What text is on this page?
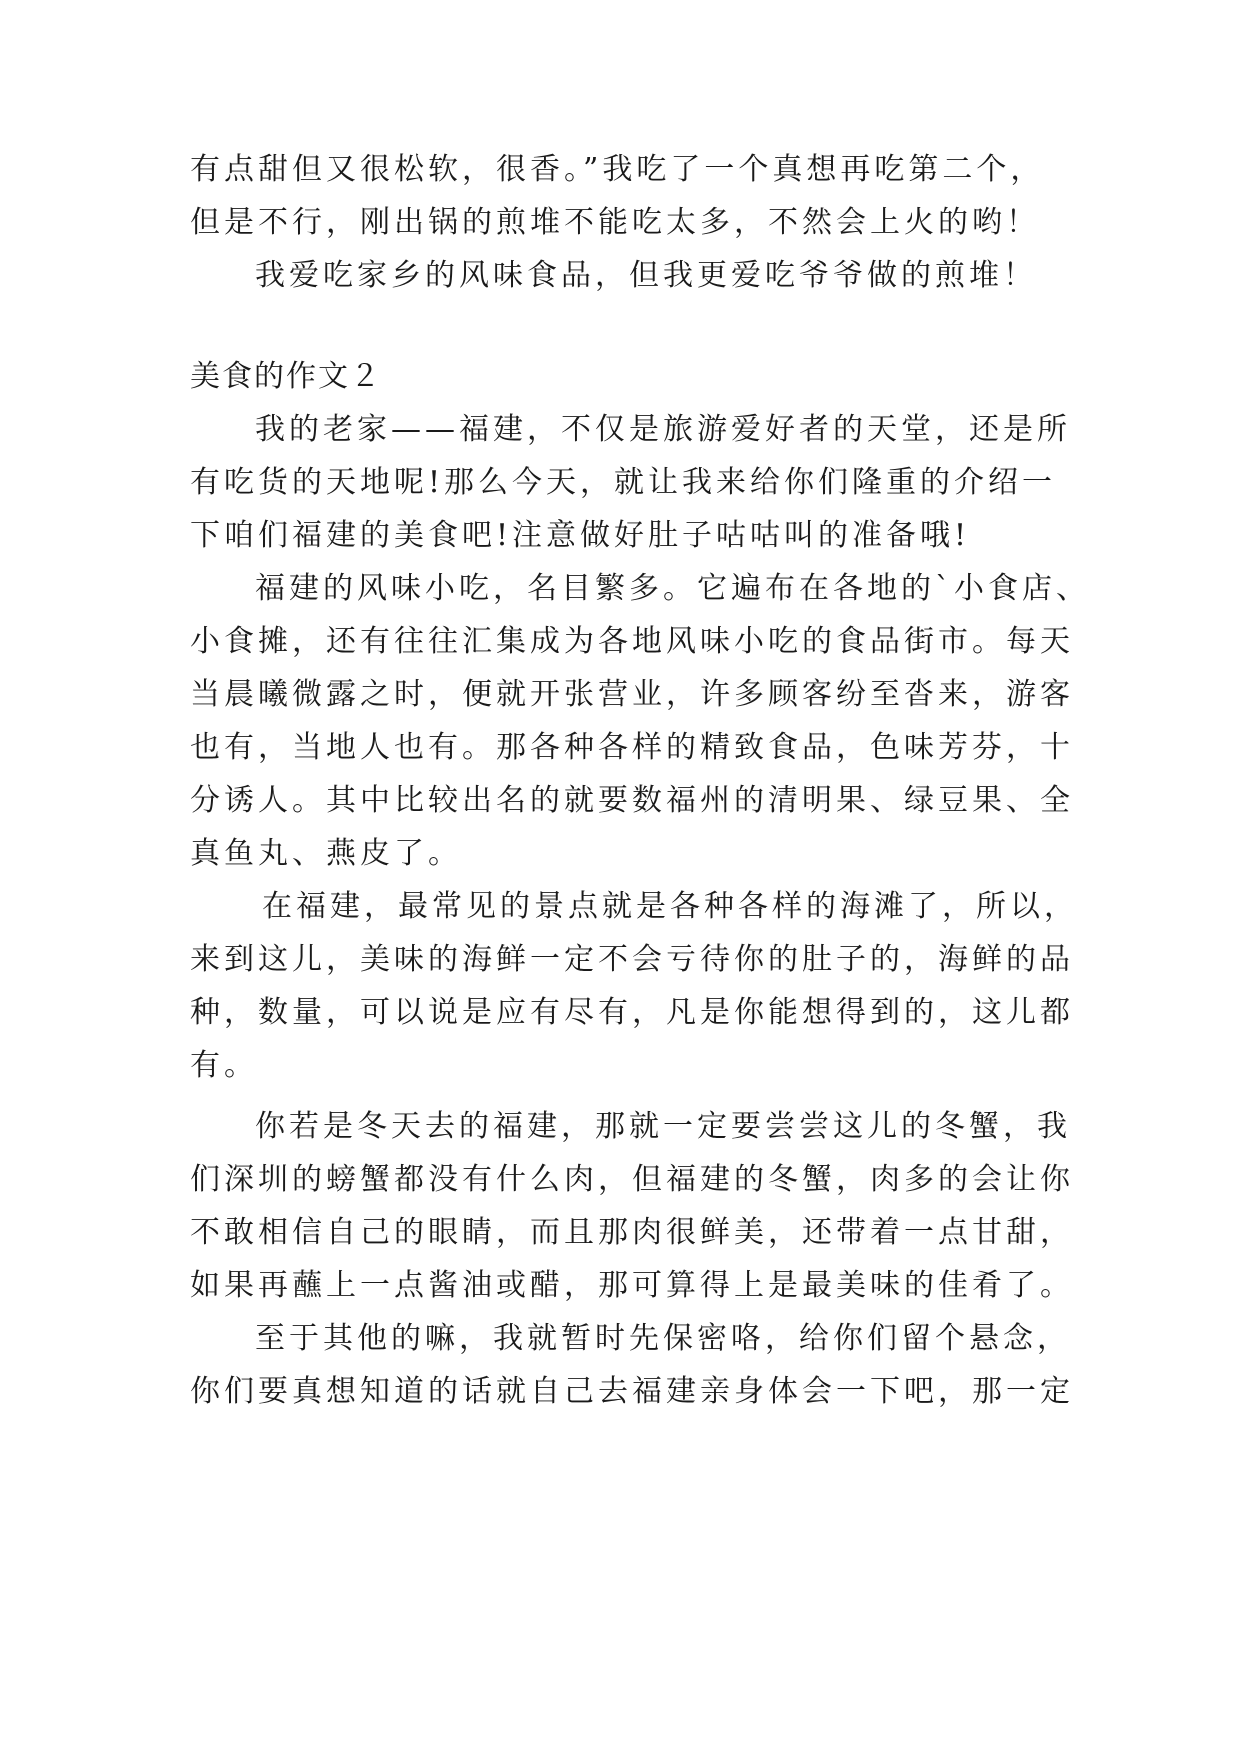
有点甜但又很松软，很香。”我吃了一个真想再吃第二个，
但是不行，刚出锅的煎堆不能吃太多，不然会上火的哟！
我爱吃家乡的风味食品，但我更爱吃爷爷做的煎堆！
美食的作文２
我的老家——福建，不仅是旅游爱好者的天堂，还是所
有吃货的天地呢!那么今天，就让我来给你们隆重的介绍一
下咱们福建的美食吧!注意做好肚子咕咕叫的准备哦!
福建的风味小吃，名目繁多。它遍布在各地的`小食店、
小食摊，还有往往汇集成为各地风味小吃的食品街市。每天
当晨曦微露之时，便就开张营业，许多顾客纷至沓来，游客
也有，当地人也有。那各种各样的精致食品，色味芳芬，十
分诱人。其中比较出名的就要数福州的清明果、绿豆果、全
真鱼丸、燕皮了。
在福建，最常见的景点就是各种各样的海滩了，所以，
来到这儿，美味的海鲜一定不会亏待你的肚子的，海鲜的品
种，数量，可以说是应有尽有，凡是你能想得到的，这儿都
有。
你若是冬天去的福建，那就一定要尝尝这儿的冬蟹，我
们深圳的螃蟹都没有什么肉，但福建的冬蟹，肉多的会让你
不敢相信自己的眼睛，而且那肉很鲜美，还带着一点甘甜，
如果再蘸上一点酱油或醋，那可算得上是最美味的佳肴了。
至于其他的嘛，我就暂时先保密咯，给你们留个悬念，
你们要真想知道的话就自己去福建亲身体会一下吧，那一定
